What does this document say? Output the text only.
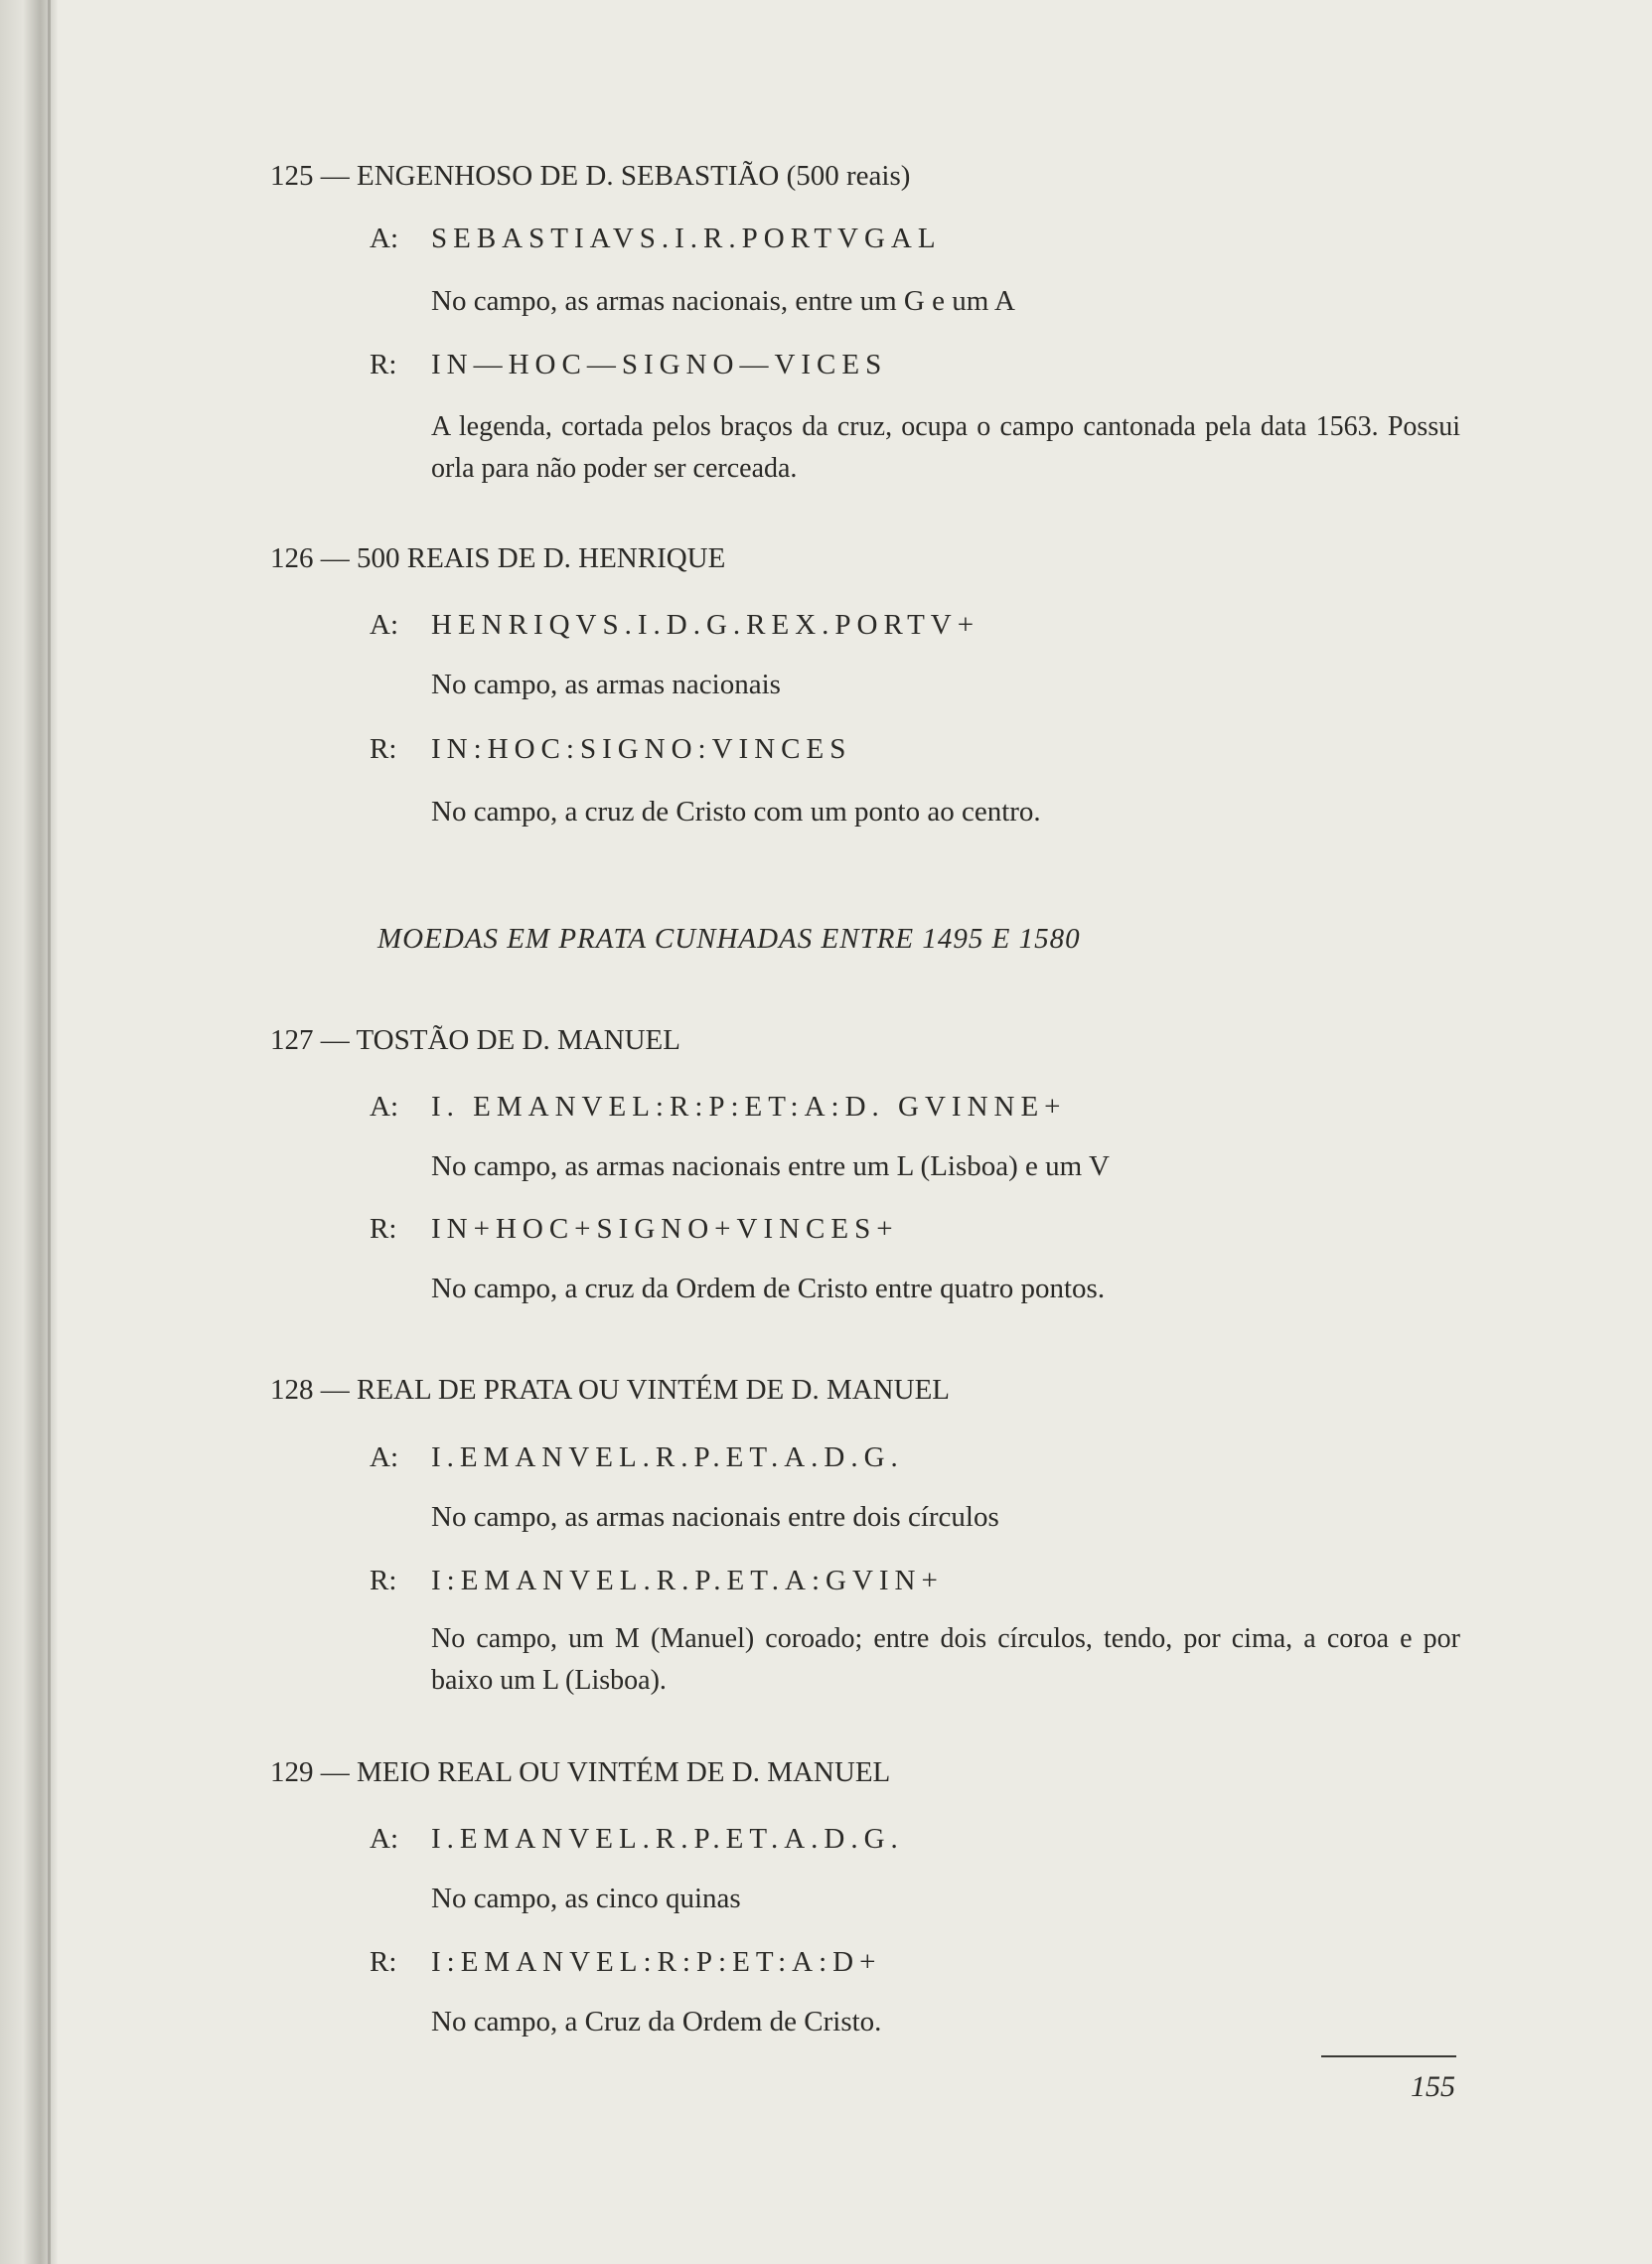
125 — ENGENHOSO DE D. SEBASTIÃO (500 reais)
A: SEBASTIAVS.I.R.PORTVGAL
No campo, as armas nacionais, entre um G e um A
R: IN—HOC—SIGNO—VICES
A legenda, cortada pelos braços da cruz, ocupa o campo cantonada pela data 1563. Possui orla para não poder ser cerceada.
126 — 500 REAIS DE D. HENRIQUE
A: HENRIQVS.I.D.G.REX.PORTV+
No campo, as armas nacionais
R: IN:HOC:SIGNO:VINCES
No campo, a cruz de Cristo com um ponto ao centro.
MOEDAS EM PRATA CUNHADAS ENTRE 1495 E 1580
127 — TOSTÃO DE D. MANUEL
A: I. EMANVEL:R:P:ET:A:D. GVINNE+
No campo, as armas nacionais entre um L (Lisboa) e um V
R: IN+HOC+SIGNO+VINCES+
No campo, a cruz da Ordem de Cristo entre quatro pontos.
128 — REAL DE PRATA OU VINTÉM DE D. MANUEL
A: I.EMANVEL.R.P.ET.A.D.G.
No campo, as armas nacionais entre dois círculos
R: I:EMANVEL.R.P.ET.A:GVIN+
No campo, um M (Manuel) coroado; entre dois círculos, tendo, por cima, a coroa e por baixo um L (Lisboa).
129 — MEIO REAL OU VINTÉM DE D. MANUEL
A: I.EMANVEL.R.P.ET.A.D.G.
No campo, as cinco quinas
R: I:EMANVEL:R:P:ET:A:D+
No campo, a Cruz da Ordem de Cristo.
155
